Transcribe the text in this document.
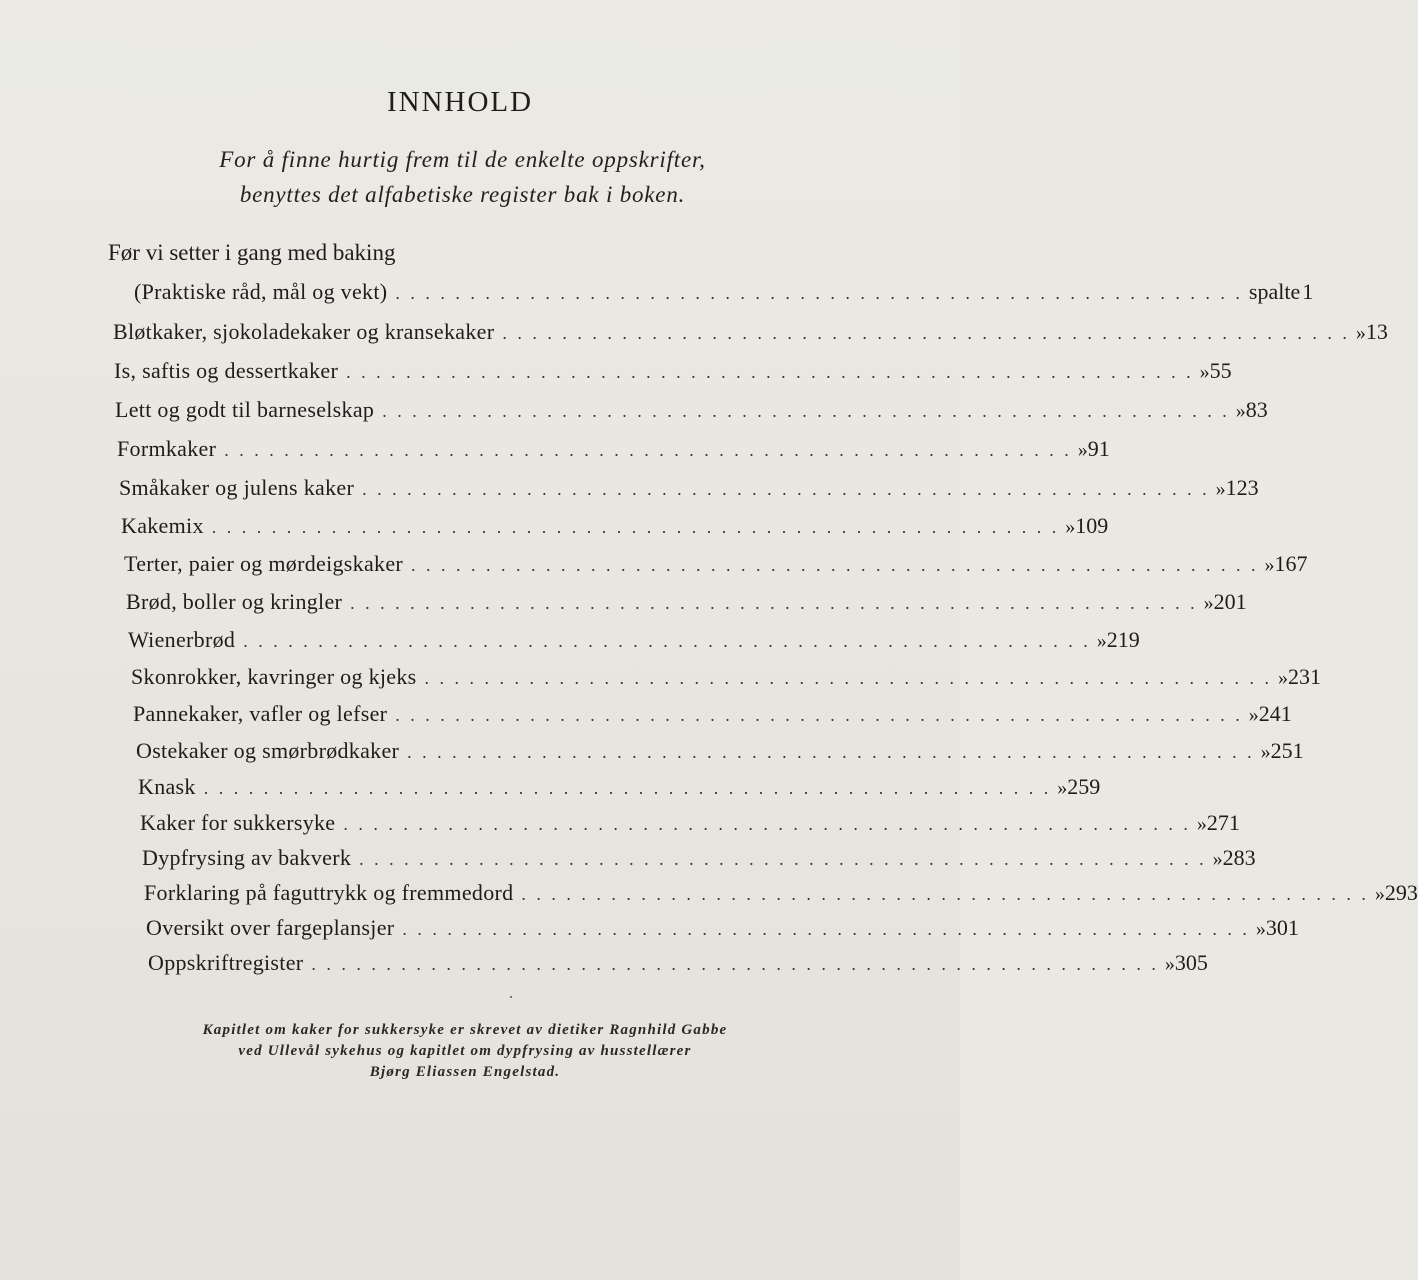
INNHOLD
For å finne hurtig frem til de enkelte oppskrifter,
benyttes det alfabetiske register bak i boken.
Før vi setter i gang med baking
(Praktiske råd, mål og vekt) . . . . . . . . . . . . . . . . . . . . . . . . . . . . . . . . . . . . . . . . . . . . . . . . . . . . . . . . . spalte 1
Bløtkaker, sjokoladekaker og kransekaker . . . . . . . . . . . . . . . . . . . . . . . . . . . . . . . . . . . . . . . . . . . . . . . . . . . . . . . . . » 13
Is, saftis og dessertkaker . . . . . . . . . . . . . . . . . . . . . . . . . . . . . . . . . . . . . . . . . . . . . . . . . . . . . . . . . » 55
Lett og godt til barneselskap . . . . . . . . . . . . . . . . . . . . . . . . . . . . . . . . . . . . . . . . . . . . . . . . . . . . . . . . . » 83
Formkaker . . . . . . . . . . . . . . . . . . . . . . . . . . . . . . . . . . . . . . . . . . . . . . . . . . . . . . . . . » 91
Småkaker og julens kaker . . . . . . . . . . . . . . . . . . . . . . . . . . . . . . . . . . . . . . . . . . . . . . . . . . . . . . . . . » 123
Kakemix . . . . . . . . . . . . . . . . . . . . . . . . . . . . . . . . . . . . . . . . . . . . . . . . . . . . . . . . . » 109
Terter, paier og mørdeigskaker . . . . . . . . . . . . . . . . . . . . . . . . . . . . . . . . . . . . . . . . . . . . . . . . . . . . . . . . . » 167
Brød, boller og kringler . . . . . . . . . . . . . . . . . . . . . . . . . . . . . . . . . . . . . . . . . . . . . . . . . . . . . . . . . » 201
Wienerbrød . . . . . . . . . . . . . . . . . . . . . . . . . . . . . . . . . . . . . . . . . . . . . . . . . . . . . . . . . » 219
Skonrokker, kavringer og kjeks . . . . . . . . . . . . . . . . . . . . . . . . . . . . . . . . . . . . . . . . . . . . . . . . . . . . . . . . . » 231
Pannekaker, vafler og lefser . . . . . . . . . . . . . . . . . . . . . . . . . . . . . . . . . . . . . . . . . . . . . . . . . . . . . . . . . » 241
Ostekaker og smørbrødkaker . . . . . . . . . . . . . . . . . . . . . . . . . . . . . . . . . . . . . . . . . . . . . . . . . . . . . . . . . » 251
Knask . . . . . . . . . . . . . . . . . . . . . . . . . . . . . . . . . . . . . . . . . . . . . . . . . . . . . . . . . » 259
Kaker for sukkersyke . . . . . . . . . . . . . . . . . . . . . . . . . . . . . . . . . . . . . . . . . . . . . . . . . . . . . . . . . » 271
Dypfrysing av bakverk . . . . . . . . . . . . . . . . . . . . . . . . . . . . . . . . . . . . . . . . . . . . . . . . . . . . . . . . . » 283
Forklaring på faguttrykk og fremmedord . . . . . . . . . . . . . . . . . . . . . . . . . . . . . . . . . . . . . . . . . . . . . . . . . . . . . . . . . » 293
Oversikt over fargeplansjer . . . . . . . . . . . . . . . . . . . . . . . . . . . . . . . . . . . . . . . . . . . . . . . . . . . . . . . . . » 301
Oppskriftregister . . . . . . . . . . . . . . . . . . . . . . . . . . . . . . . . . . . . . . . . . . . . . . . . . . . . . . . . . » 305
Kapitlet om kaker for sukkersyke er skrevet av dietiker Ragnhild Gabbe
ved Ullevål sykehus og kapitlet om dypfrysing av husstellærer
Bjørg Eliassen Engelstad.
